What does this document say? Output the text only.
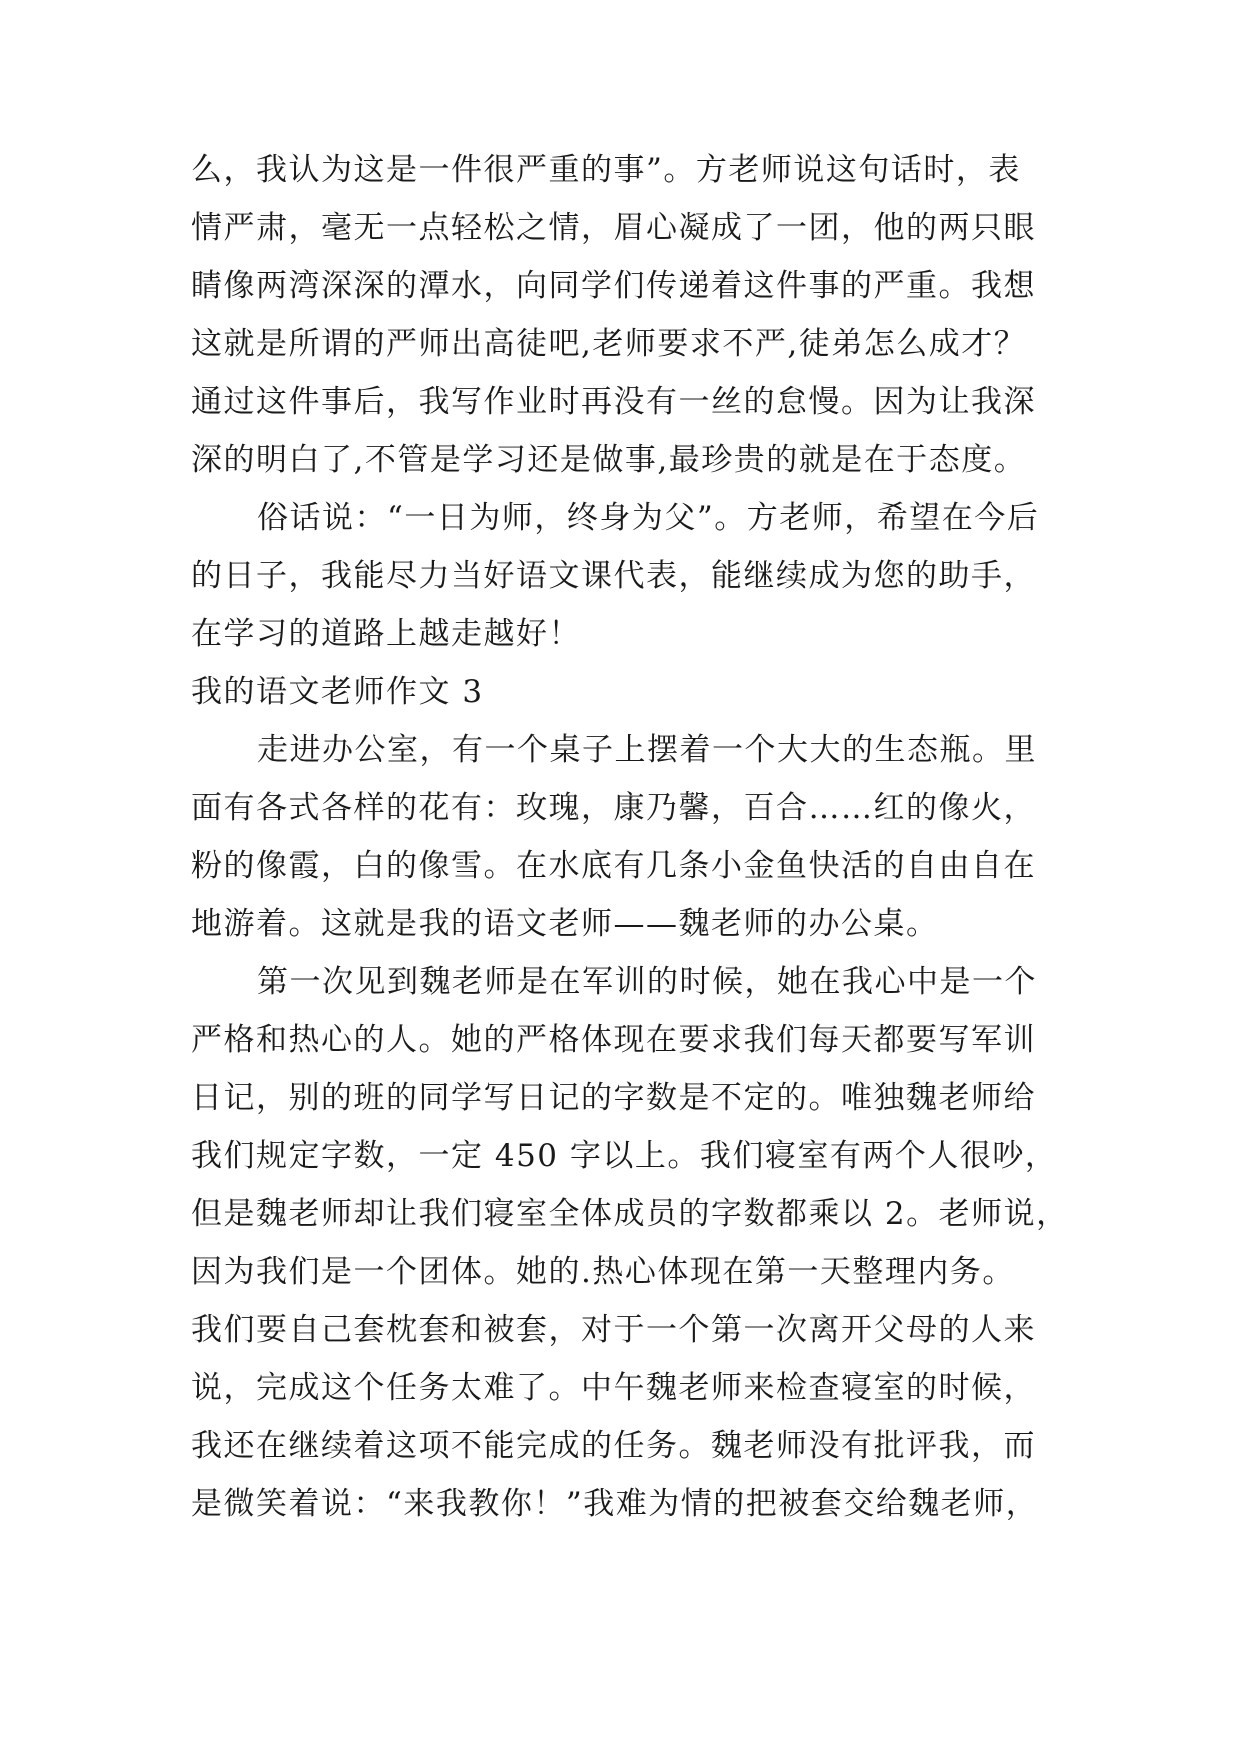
么，我认为这是一件很严重的事”。方老师说这句话时，表
情严肃，毫无一点轻松之情，眉心凝成了一团，他的两只眼
睛像两湾深深的潭水，向同学们传递着这件事的严重。我想
这就是所谓的严师出高徒吧,老师要求不严,徒弟怎么成才？
通过这件事后，我写作业时再没有一丝的怠慢。因为让我深
深的明白了,不管是学习还是做事,最珍贵的就是在于态度。
俗话说：“一日为师，终身为父”。方老师，希望在今后
的日子，我能尽力当好语文课代表，能继续成为您的助手，
在学习的道路上越走越好！
我的语文老师作文 3
走进办公室，有一个桌子上摆着一个大大的生态瓶。里
面有各式各样的花有：玫瑰，康乃馨，百合……红的像火，
粉的像霞，白的像雪。在水底有几条小金鱼快活的自由自在
地游着。这就是我的语文老师——魏老师的办公桌。
第一次见到魏老师是在军训的时候，她在我心中是一个
严格和热心的人。她的严格体现在要求我们每天都要写军训
日记，别的班的同学写日记的字数是不定的。唯独魏老师给
我们规定字数，一定 450 字以上。我们寝室有两个人很吵，
但是魏老师却让我们寝室全体成员的字数都乘以 2。老师说，
因为我们是一个团体。她的.热心体现在第一天整理内务。
我们要自己套枕套和被套，对于一个第一次离开父母的人来
说，完成这个任务太难了。中午魏老师来检查寝室的时候，
我还在继续着这项不能完成的任务。魏老师没有批评我，而
是微笑着说：“来我教你！”我难为情的把被套交给魏老师，
